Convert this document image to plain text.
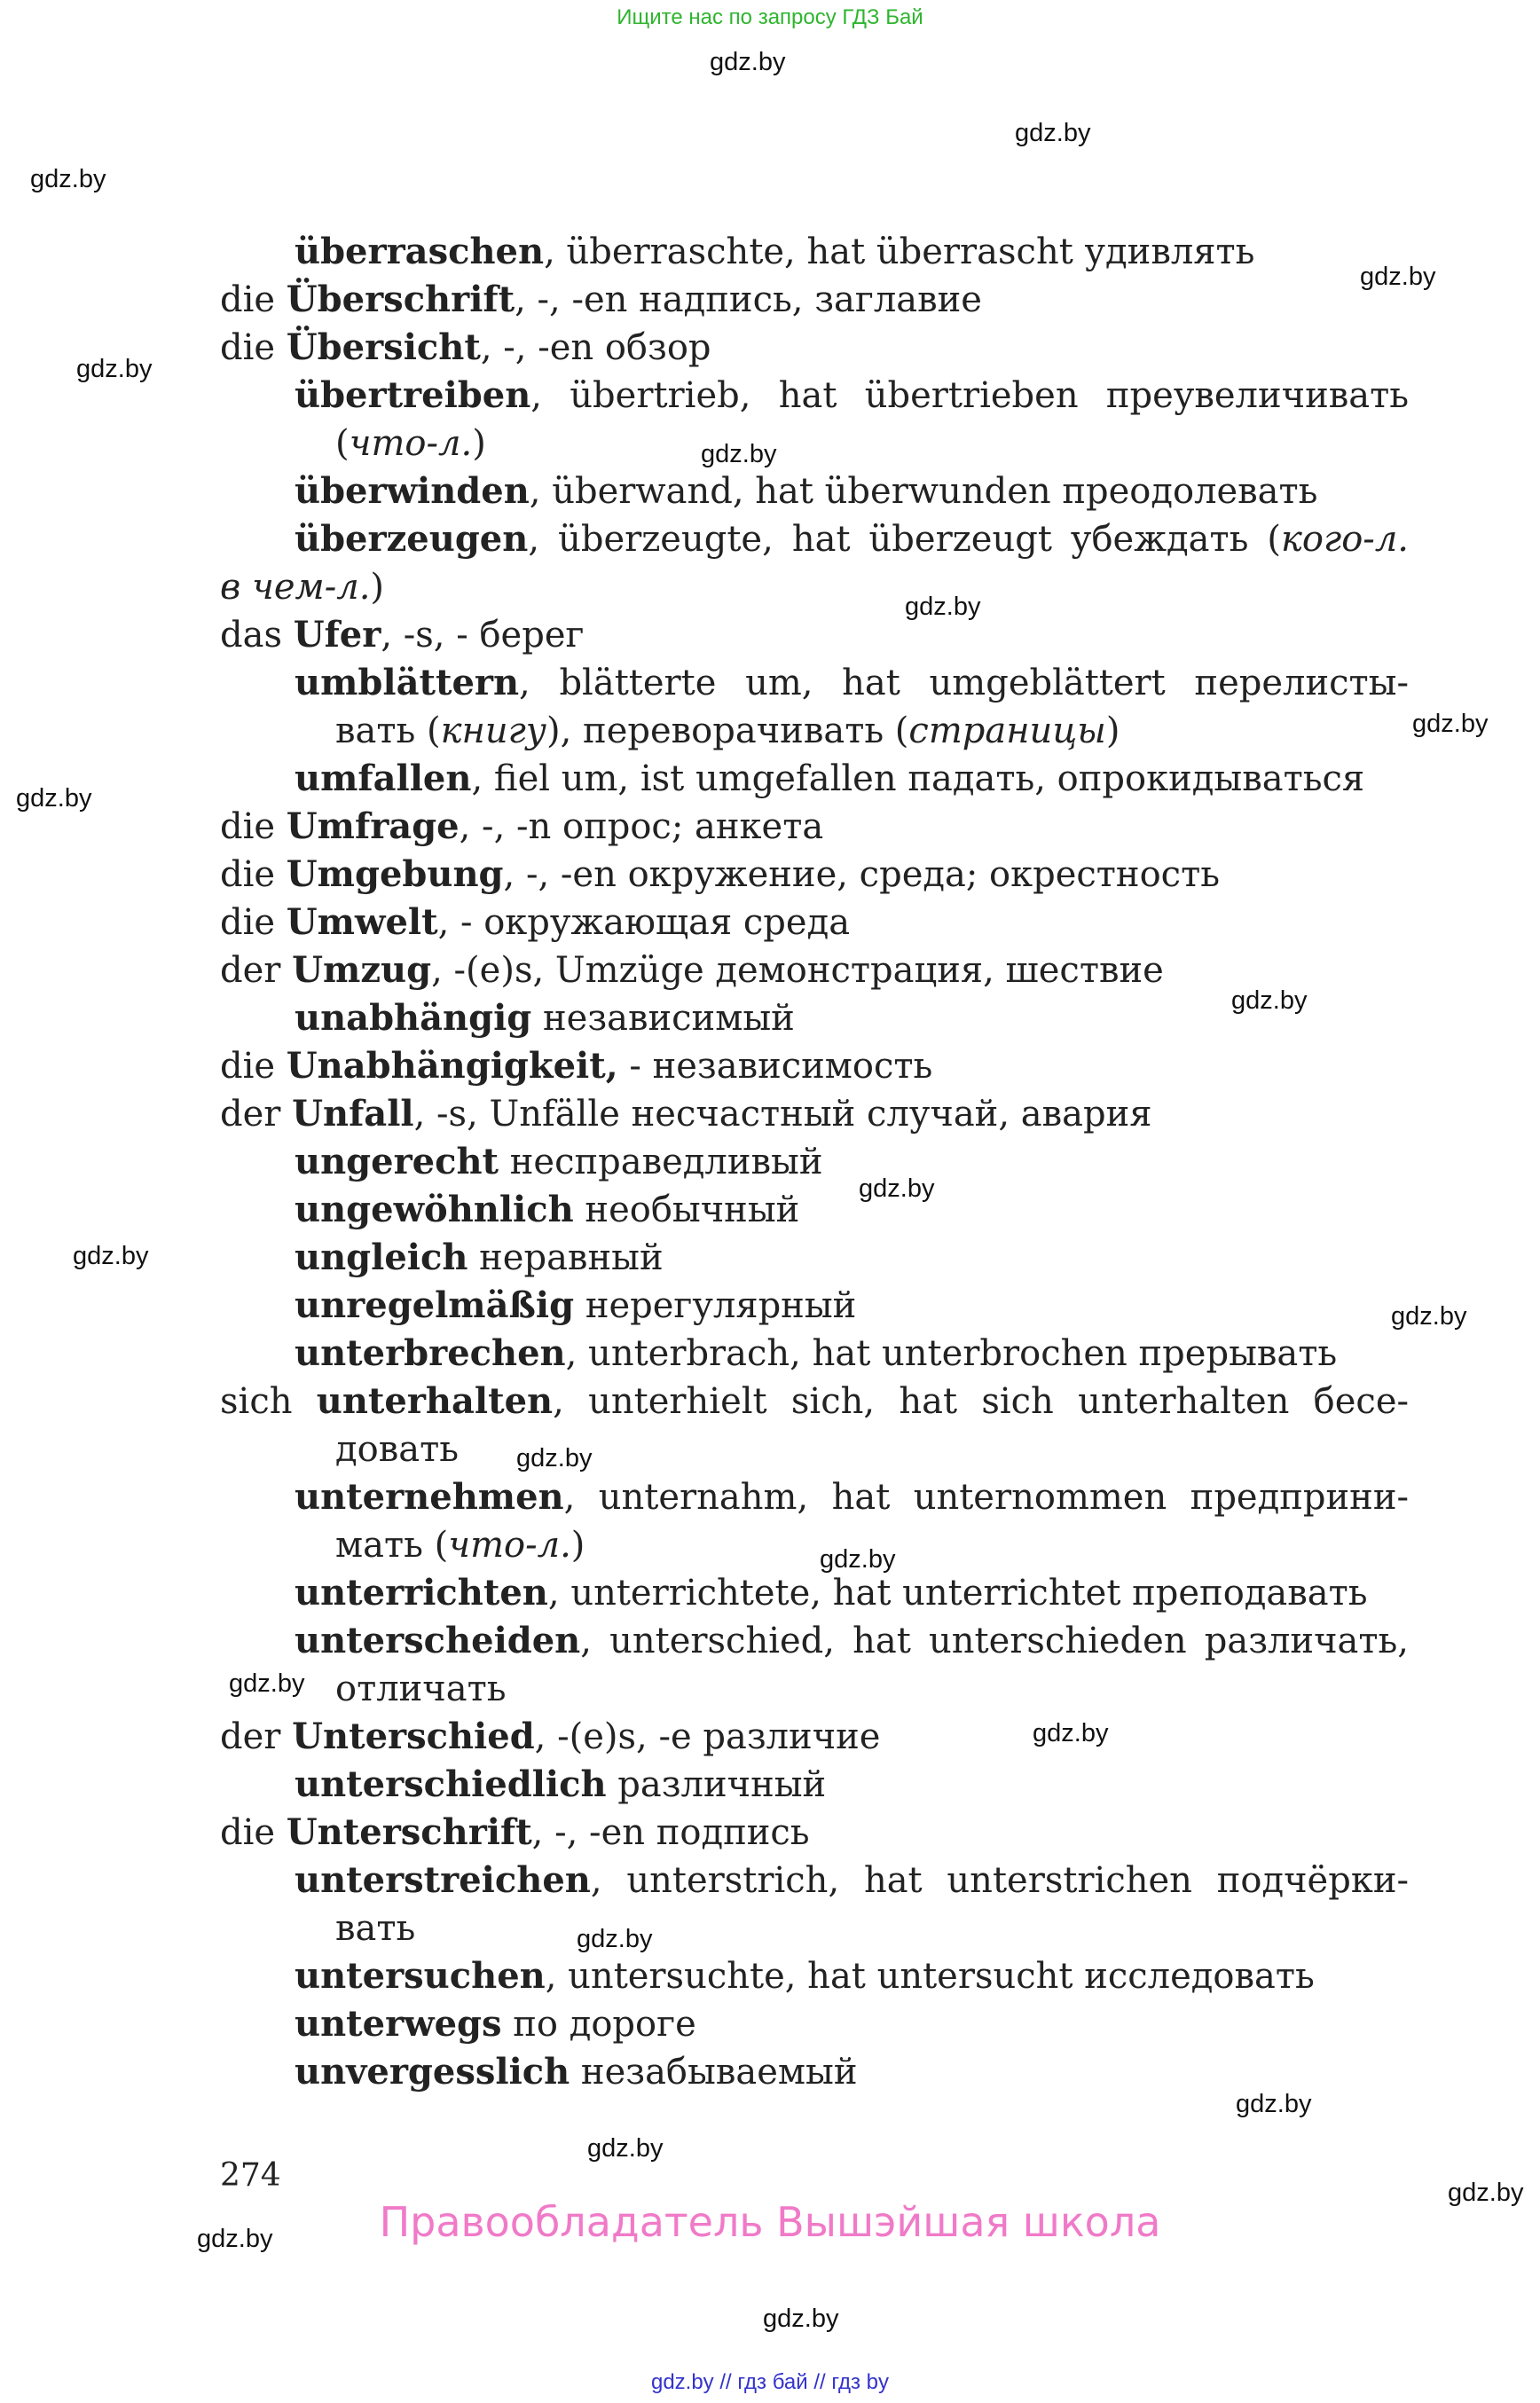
Ищите нас по запросу ГДЗ Бай
gdz.by
gdz.by
gdz.by
gdz.by
gdz.by
gdz.by
gdz.by
gdz.by
gdz.by
gdz.by
gdz.by
gdz.by
gdz.by
gdz.by
gdz.by
gdz.by
gdz.by
gdz.by
gdz.by
gdz.by
gdz.by
gdz.by
gdz.by
überraschen, überraschte, hat überrascht удивлять
die Überschrift, -, -en надпись, заглавие
die Übersicht, -, -en обзор
übertreiben, übertrieb, hat übertrieben преувеличивать
(что-л.)
überwinden, überwand, hat überwunden преодолевать
überzeugen, überzeugte, hat überzeugt убеждать (кого-л.
в чем-л.)
das Ufer, -s, - берег
umblättern, blätterte um, hat umgeblättert перелисты-
вать (книгу), переворачивать (страницы)
umfallen, fiel um, ist umgefallen падать, опрокидываться
die Umfrage, -, -n опрос; анкета
die Umgebung, -, -en окружение, среда; окрестность
die Umwelt, - окружающая среда
der Umzug, -(e)s, Umzüge демонстрация, шествие
unabhängig независимый
die Unabhängigkeit, - независимость
der Unfall, -s, Unfälle несчастный случай, авария
ungerecht несправедливый
ungewöhnlich необычный
ungleich неравный
unregelmäßig нерегулярный
unterbrechen, unterbrach, hat unterbrochen прерывать
sich unterhalten, unterhielt sich, hat sich unterhalten бесе-
довать
unternehmen, unternahm, hat unternommen предприни-
мать (что-л.)
unterrichten, unterrichtete, hat unterrichtet преподавать
unterscheiden, unterschied, hat unterschieden различать,
отличать
der Unterschied, -(e)s, -e различие
unterschiedlich различный
die Unterschrift, -, -en подпись
unterstreichen, unterstrich, hat unterstrichen подчёрки-
вать
untersuchen, untersuchte, hat untersucht исследовать
unterwegs по дороге
unvergesslich незабываемый
274
Правообладатель Вышэйшая школа
gdz.by // гдз бай // гдз by
